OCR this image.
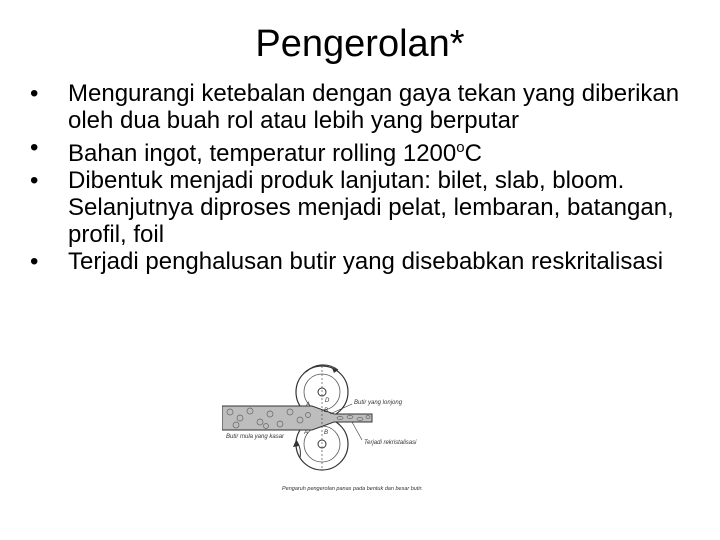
Pengerolan*
•	Mengurangi ketebalan dengan gaya tekan yang diberikan oleh dua buah rol atau lebih yang berputar
•	Bahan ingot, temperatur rolling 1200$^o$C
•	Dibentuk menjadi produk lanjutan: bilet, slab, bloom. Selanjutnya diproses menjadi pelat, lembaran, batangan, profil, foil
•	Terjadi penghalusan butir yang disebabkan reskritalisasi
A
B
D
A	B
Butir yang lonjong
Butir mula yang kasar
Terjadi rekristalisasi
Pengaruh pengerolan panas pada bentuk dan besar butir.
